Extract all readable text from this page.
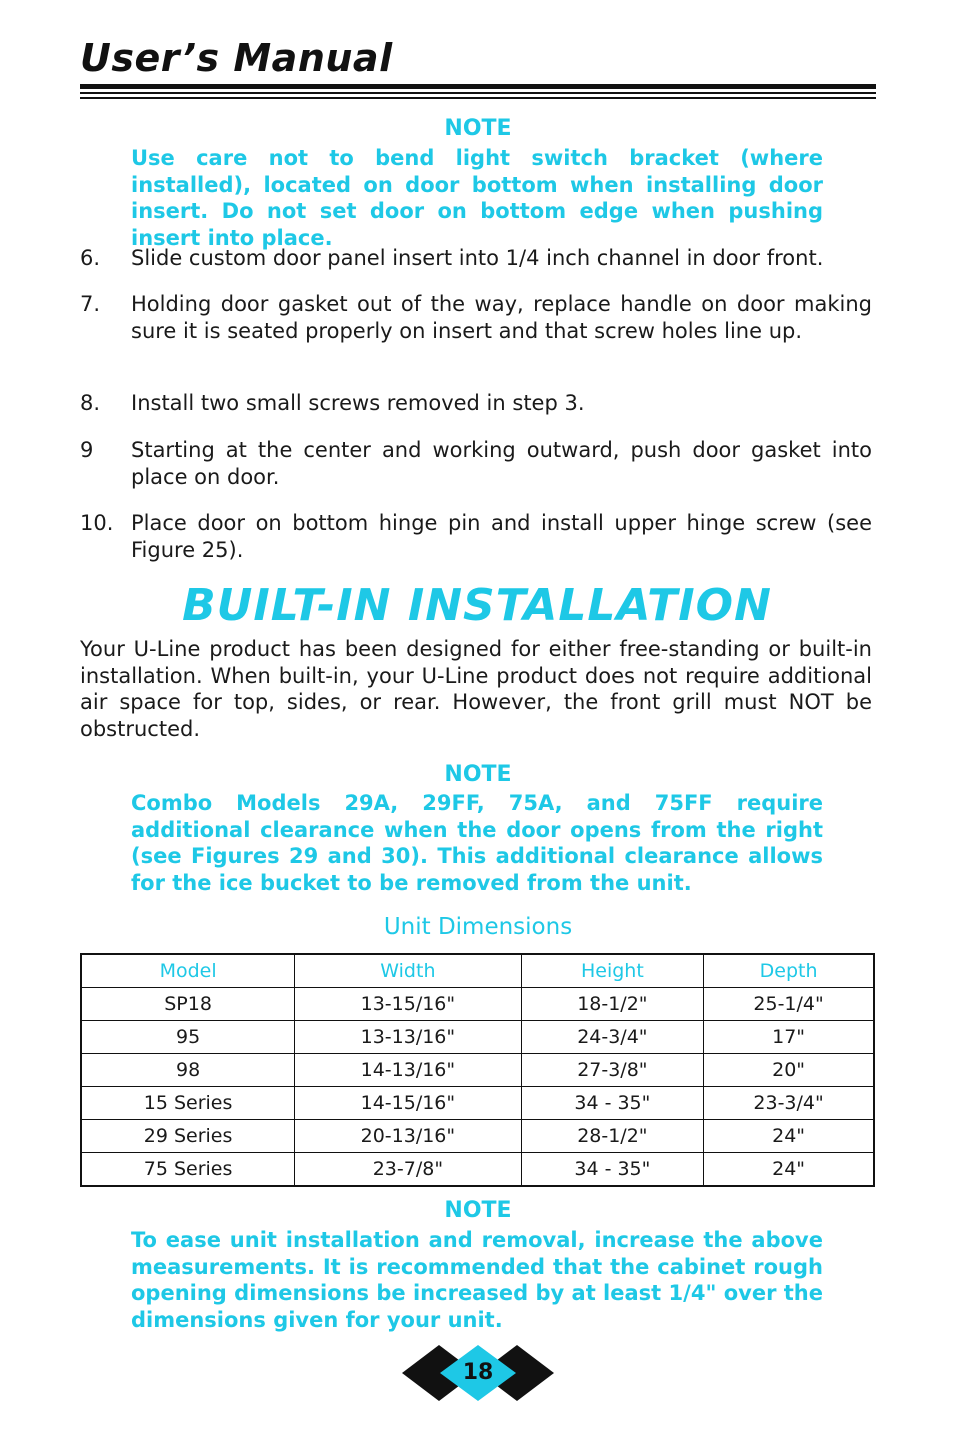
User’s Manual
NOTE
Use care not to bend light switch bracket (where installed), located on door bottom when installing door insert. Do not set door on bottom edge when pushing insert into place.
6. Slide custom door panel insert into 1/4 inch channel in door front.
7. Holding door gasket out of the way, replace handle on door making sure it is seated properly on insert and that screw holes line up.
8. Install two small screws removed in step 3.
9 Starting at the center and working outward, push door gasket into place on door.
10. Place door on bottom hinge pin and install upper hinge screw (see Figure 25).
BUILT-IN INSTALLATION
Your U-Line product has been designed for either free-standing or built-in installation. When built-in, your U-Line product does not require additional air space for top, sides, or rear. However, the front grill must NOT be obstructed.
NOTE
Combo Models 29A, 29FF, 75A, and 75FF require additional clearance when the door opens from the right (see Figures 29 and 30). This additional clearance allows for the ice bucket to be removed from the unit.
Unit Dimensions
Model	Width	Height	Depth
SP18	13-15/16"	18-1/2"	25-1/4"
95	13-13/16"	24-3/4"	17"
98	14-13/16"	27-3/8"	20"
15 Series	14-15/16"	34 - 35"	23-3/4"
29 Series	20-13/16"	28-1/2"	24"
75 Series	23-7/8"	34 - 35"	24"
NOTE
To ease unit installation and removal, increase the above measurements. It is recommended that the cabinet rough opening dimensions be increased by at least 1/4" over the dimensions given for your unit.
18
